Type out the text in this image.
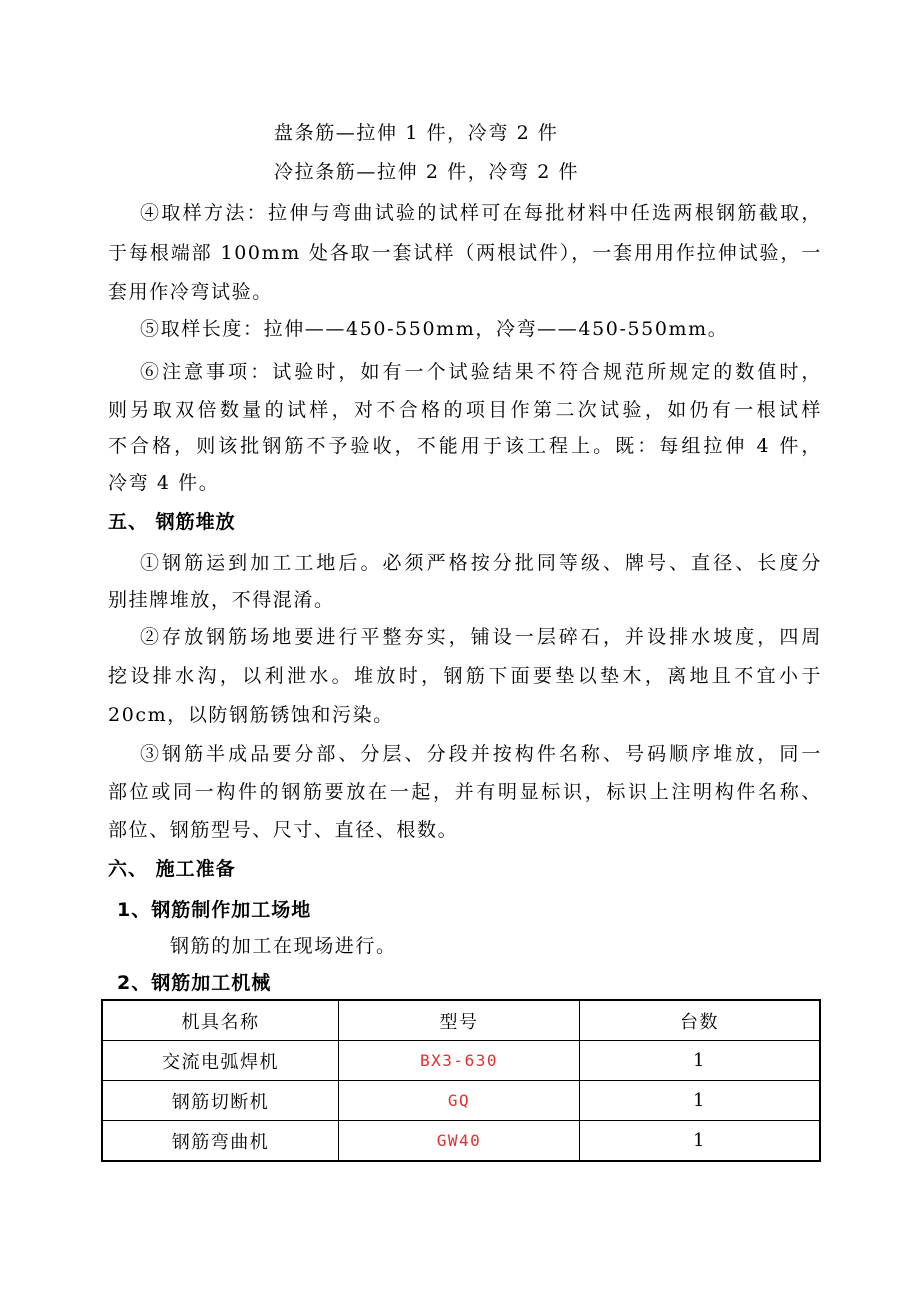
盘条筋—拉伸 1 件，冷弯 2 件

冷拉条筋—拉伸 2 件，冷弯 2 件

④取样方法：拉伸与弯曲试验的试样可在每批材料中任选两根钢筋截取，

于每根端部 100mm 处各取一套试样（两根试件），一套用用作拉伸试验，一

套用作冷弯试验。

⑤取样长度：拉伸——450-550mm，冷弯——450-550mm。

⑥注意事项：试验时，如有一个试验结果不符合规范所规定的数值时，

则另取双倍数量的试样，对不合格的项目作第二次试验，如仍有一根试样

不合格，则该批钢筋不予验收，不能用于该工程上。既：每组拉伸 4 件，

冷弯 4 件。

五、 钢筋堆放

①钢筋运到加工工地后。必须严格按分批同等级、牌号、直径、长度分

别挂牌堆放，不得混淆。

②存放钢筋场地要进行平整夯实，铺设一层碎石，并设排水坡度，四周

挖设排水沟，以利泄水。堆放时，钢筋下面要垫以垫木，离地且不宜小于

20cm，以防钢筋锈蚀和污染。

③钢筋半成品要分部、分层、分段并按构件名称、号码顺序堆放，同一

部位或同一构件的钢筋要放在一起，并有明显标识，标识上注明构件名称、

部位、钢筋型号、尺寸、直径、根数。

六、 施工准备

1、钢筋制作加工场地

钢筋的加工在现场进行。

2、钢筋加工机械

机具名称	型号	台数
交流电弧焊机	BX3-630	1
钢筋切断机	GQ	1
钢筋弯曲机	GW40	1
